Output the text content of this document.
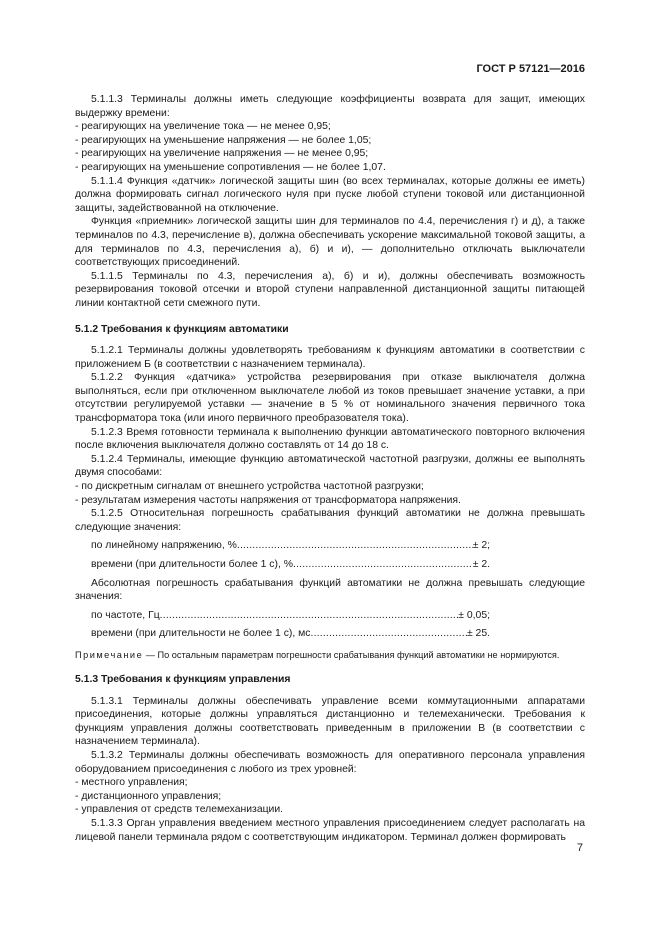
ГОСТ Р 57121—2016

5.1.1.3 Терминалы должны иметь следующие коэффициенты возврата для защит, имеющих выдержку времени:

- реагирующих на увеличение тока — не менее 0,95;

- реагирующих на уменьшение напряжения — не более 1,05;

- реагирующих на увеличение напряжения — не менее 0,95;

- реагирующих на уменьшение сопротивления — не более 1,07.

5.1.1.4 Функция «датчик» логической защиты шин (во всех терминалах, которые должны ее иметь) должна формировать сигнал логического нуля при пуске любой ступени токовой или дистанционной защиты, задействованной на отключение.

Функция «приемник» логической защиты шин для терминалов по 4.4, перечисления г) и д), а также терминалов по 4.3, перечисление в), должна обеспечивать ускорение максимальной токовой защиты, а для терминалов по 4.3, перечисления а), б) и и), — дополнительно отключать выключатели соответствующих присоединений.

5.1.1.5 Терминалы по 4.3, перечисления а), б) и и), должны обеспечивать возможность резервирования токовой отсечки и второй ступени направленной дистанционной защиты питающей линии контактной сети смежного пути.

5.1.2 Требования к функциям автоматики

5.1.2.1 Терминалы должны удовлетворять требованиям к функциям автоматики в соответствии с приложением Б (в соответствии с назначением терминала).

5.1.2.2 Функция «датчика» устройства резервирования при отказе выключателя должна выполняться, если при отключенном выключателе любой из токов превышает значение уставки, а при отсутствии регулируемой уставки — значение в 5 % от номинального значения первичного тока трансформатора тока (или иного первичного преобразователя тока).

5.1.2.3 Время готовности терминала к выполнению функции автоматического повторного включения после включения выключателя должно составлять от 14 до 18 с.

5.1.2.4 Терминалы, имеющие функцию автоматической частотной разгрузки, должны ее выполнять двумя способами:

- по дискретным сигналам от внешнего устройства частотной разгрузки;

- результатам измерения частоты напряжения от трансформатора напряжения.

5.1.2.5 Относительная погрешность срабатывания функций автоматики не должна превышать следующие значения:

по линейному напряжению, % .....	± 2;
времени (при длительности более 1 с), % .....	± 2.

Абсолютная погрешность срабатывания функций автоматики не должна превышать следующие значения:

по частоте, Гц .....	± 0,05;
времени (при длительности не более 1 с), мс .....	± 25.

Примечание — По остальным параметрам погрешности срабатывания функций автоматики не нормируются.

5.1.3 Требования к функциям управления

5.1.3.1 Терминалы должны обеспечивать управление всеми коммутационными аппаратами присоединения, которые должны управляться дистанционно и телемеханически. Требования к функциям управления должны соответствовать приведенным в приложении В (в соответствии с назначением терминала).

5.1.3.2 Терминалы должны обеспечивать возможность для оперативного персонала управления оборудованием присоединения с любого из трех уровней:

- местного управления;

- дистанционного управления;

- управления от средств телемеханизации.

5.1.3.3 Орган управления введением местного управления присоединением следует располагать на лицевой панели терминала рядом с соответствующим индикатором. Терминал должен формировать

7
